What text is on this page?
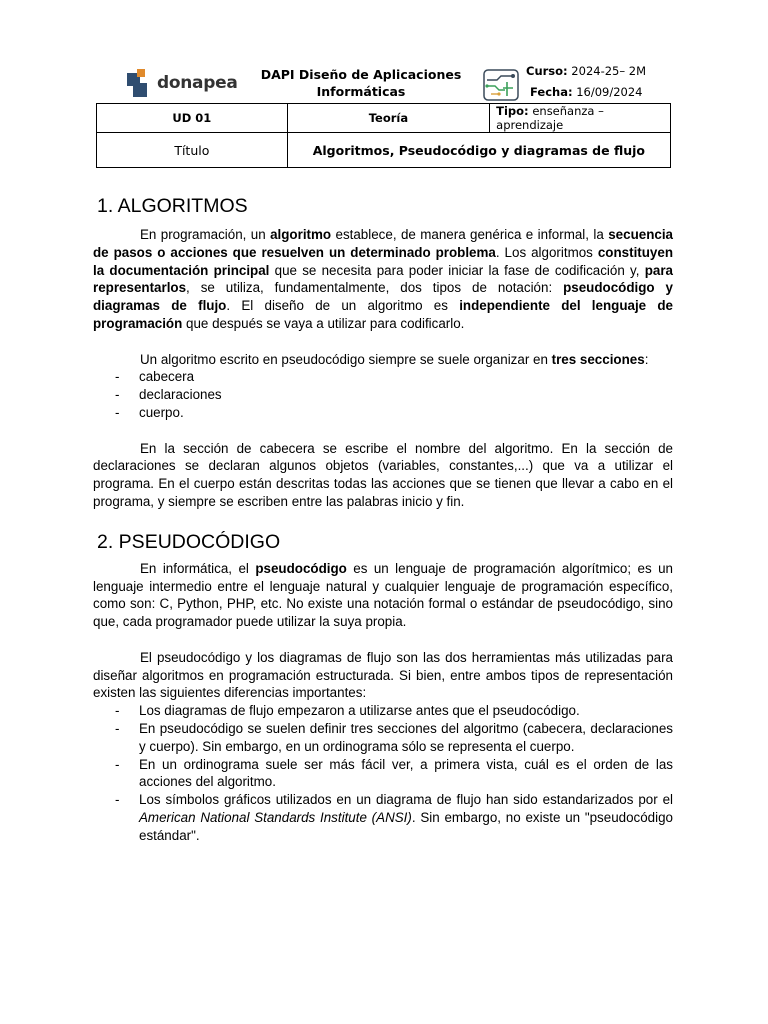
donapea	DAPI Diseño de Aplicaciones
Informáticas
Curso: 2024-25– 2M
Fecha: 16/09/2024
UD 01	Teoría	Tipo: enseñanza –aprendizaje
Título	Algoritmos, Pseudocódigo y diagramas de flujo	
1. ALGORITMOS

En programación, un algoritmo establece, de manera genérica e informal, la secuencia de pasos o acciones que resuelven un determinado problema. Los algoritmos constituyen la documentación principal que se necesita para poder iniciar la fase de codificación y, para representarlos, se utiliza, fundamentalmente, dos tipos de notación: pseudocódigo y diagramas de flujo. El diseño de un algoritmo es independiente del lenguaje de programación que después se vaya a utilizar para codificarlo.

Un algoritmo escrito en pseudocódigo siempre se suele organizar en tres secciones:

- cabecera
- declaraciones
- cuerpo.

En la sección de cabecera se escribe el nombre del algoritmo. En la sección de declaraciones se declaran algunos objetos (variables, constantes,...) que va a utilizar el programa. En el cuerpo están descritas todas las acciones que se tienen que llevar a cabo en el programa, y siempre se escriben entre las palabras inicio y fin.

2. PSEUDOCÓDIGO

En informática, el pseudocódigo es un lenguaje de programación algorítmico; es un lenguaje intermedio entre el lenguaje natural y cualquier lenguaje de programación específico, como son: C, Python, PHP, etc. No existe una notación formal o estándar de pseudocódigo, sino que, cada programador puede utilizar la suya propia.

El pseudocódigo y los diagramas de flujo son las dos herramientas más utilizadas para diseñar algoritmos en programación estructurada. Si bien, entre ambos tipos de representación existen las siguientes diferencias importantes:

- Los diagramas de flujo empezaron a utilizarse antes que el pseudocódigo.
- En pseudocódigo se suelen definir tres secciones del algoritmo (cabecera, declaraciones y cuerpo). Sin embargo, en un ordinograma sólo se representa el cuerpo.
- En un ordinograma suele ser más fácil ver, a primera vista, cuál es el orden de las acciones del algoritmo.
- Los símbolos gráficos utilizados en un diagrama de flujo han sido estandarizados por el American National Standards Institute (ANSI). Sin embargo, no existe un "pseudocódigo estándar".
